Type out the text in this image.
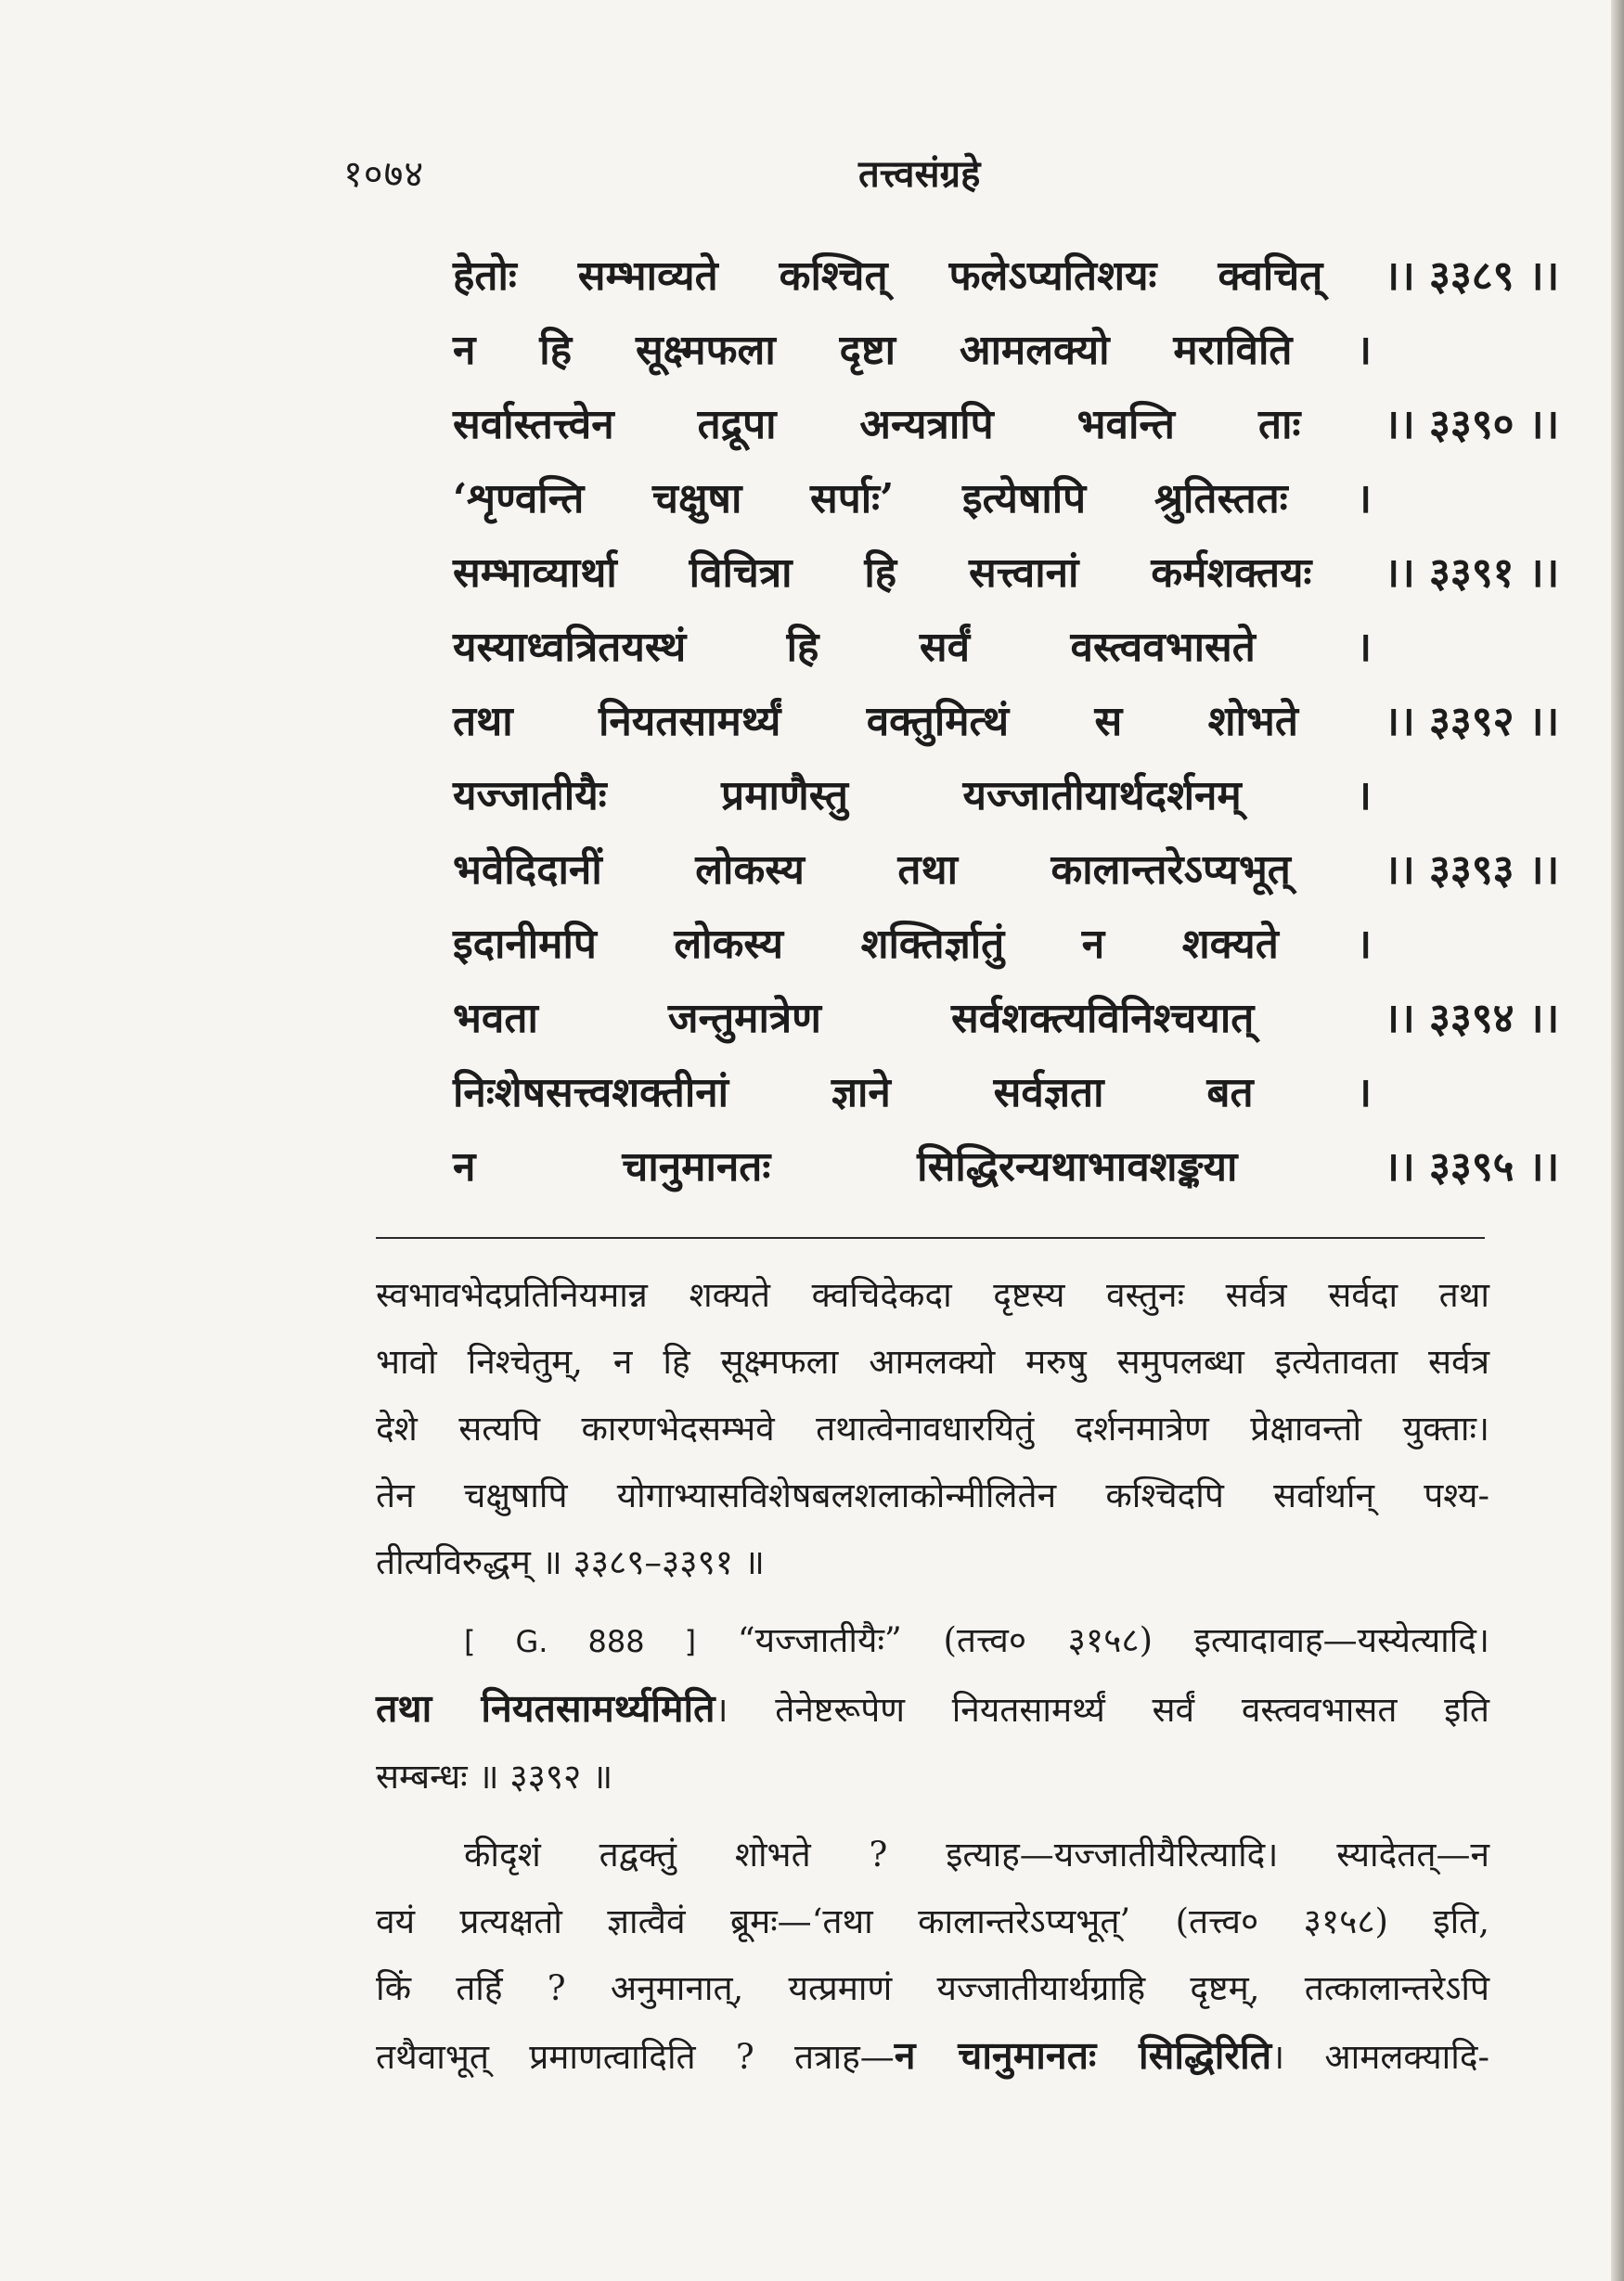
१०७४	तत्त्वसंग्रहे
हेतोः सम्भाव्यते कश्चित् फलेऽप्यतिशयः क्वचित् ।। ३३८९ ।।
न हि सूक्ष्मफला दृष्टा आमलक्यो मराविति ।
सर्वास्तत्त्वेन तद्रूपा अन्यत्रापि भवन्ति ताः ।। ३३९० ।।
‘शृण्वन्ति चक्षुषा सर्पाः’ इत्येषापि श्रुतिस्ततः ।
सम्भाव्यार्था विचित्रा हि सत्त्वानां कर्मशक्तयः ।। ३३९१ ।।
यस्याध्वत्रितयस्थं हि सर्वं वस्त्ववभासते ।
तथा नियतसामर्थ्यं वक्तुमित्थं स शोभते ।। ३३९२ ।।
यज्जातीयैः प्रमाणैस्तु यज्जातीयार्थदर्शनम् ।
भवेदिदानीं लोकस्य तथा कालान्तरेऽप्यभूत् ।। ३३९३ ।।
इदानीमपि लोकस्य शक्तिर्ज्ञातुं न शक्यते ।
भवता जन्तुमात्रेण सर्वशक्त्यविनिश्चयात् ।। ३३९४ ।।
निःशेषसत्त्वशक्तीनां ज्ञाने सर्वज्ञता बत ।
न चानुमानतः सिद्धिरन्यथाभावशङ्कया ।। ३३९५ ।।

स्वभावभेदप्रतिनियमान्न शक्यते क्वचिदेकदा दृष्टस्य वस्तुनः सर्वत्र सर्वदा तथा
भावो निश्चेतुम्, न हि सूक्ष्मफला आमलक्यो मरुषु समुपलब्धा इत्येतावता सर्वत्र
देशे सत्यपि कारणभेदसम्भवे तथात्वेनावधारयितुं दर्शनमात्रेण प्रेक्षावन्तो युक्ताः।
तेन चक्षुषापि योगाभ्यासविशेषबलशलाकोन्मीलितेन कश्चिदपि सर्वार्थान् पश्य-
तीत्यविरुद्धम् ॥ ३३८९–३३९१ ॥

[ G. 888 ] “यज्जातीयैः” (तत्त्व० ३१५८) इत्यादावाह—यस्येत्यादि।
तथा नियतसामर्थ्यमिति। तेनेष्टरूपेण नियतसामर्थ्यं सर्वं वस्त्ववभासत इति
सम्बन्धः ॥ ३३९२ ॥

कीदृशं तद्वक्तुं शोभते ? इत्याह—यज्जातीयैरित्यादि। स्यादेतत्—न
वयं प्रत्यक्षतो ज्ञात्वैवं ब्रूमः—‘तथा कालान्तरेऽप्यभूत्’ (तत्त्व० ३१५८) इति,
किं तर्हि ? अनुमानात्, यत्प्रमाणं यज्जातीयार्थग्राहि दृष्टम्, तत्कालान्तरेऽपि
तथैवाभूत् प्रमाणत्वादिति ? तत्राह—न चानुमानतः सिद्धिरिति। आमलक्यादि-
